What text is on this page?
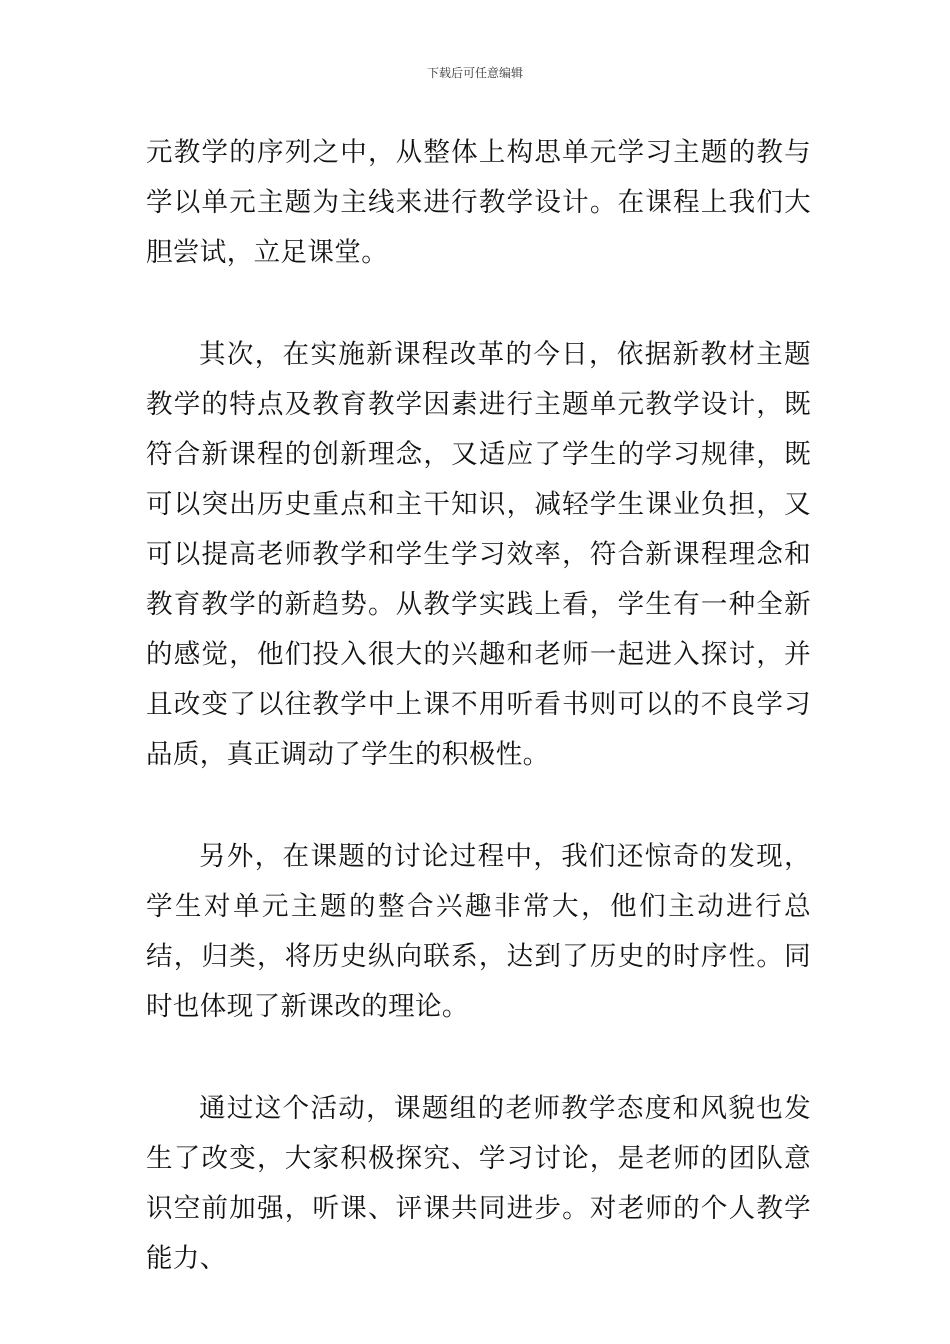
下载后可任意编辑

元教学的序列之中，从整体上构思单元学习主题的教与学以单元主题为主线来进行教学设计。在课程上我们大胆尝试，立足课堂。

其次，在实施新课程改革的今日，依据新教材主题教学的特点及教育教学因素进行主题单元教学设计，既符合新课程的创新理念，又适应了学生的学习规律，既可以突出历史重点和主干知识，减轻学生课业负担，又可以提高老师教学和学生学习效率，符合新课程理念和教育教学的新趋势。从教学实践上看，学生有一种全新的感觉，他们投入很大的兴趣和老师一起进入探讨，并且改变了以往教学中上课不用听看书则可以的不良学习品质，真正调动了学生的积极性。

另外，在课题的讨论过程中，我们还惊奇的发现，学生对单元主题的整合兴趣非常大，他们主动进行总结，归类，将历史纵向联系，达到了历史的时序性。同时也体现了新课改的理论。

通过这个活动，课题组的老师教学态度和风貌也发生了改变，大家积极探究、学习讨论，是老师的团队意识空前加强，听课、评课共同进步。对老师的个人教学能力、
